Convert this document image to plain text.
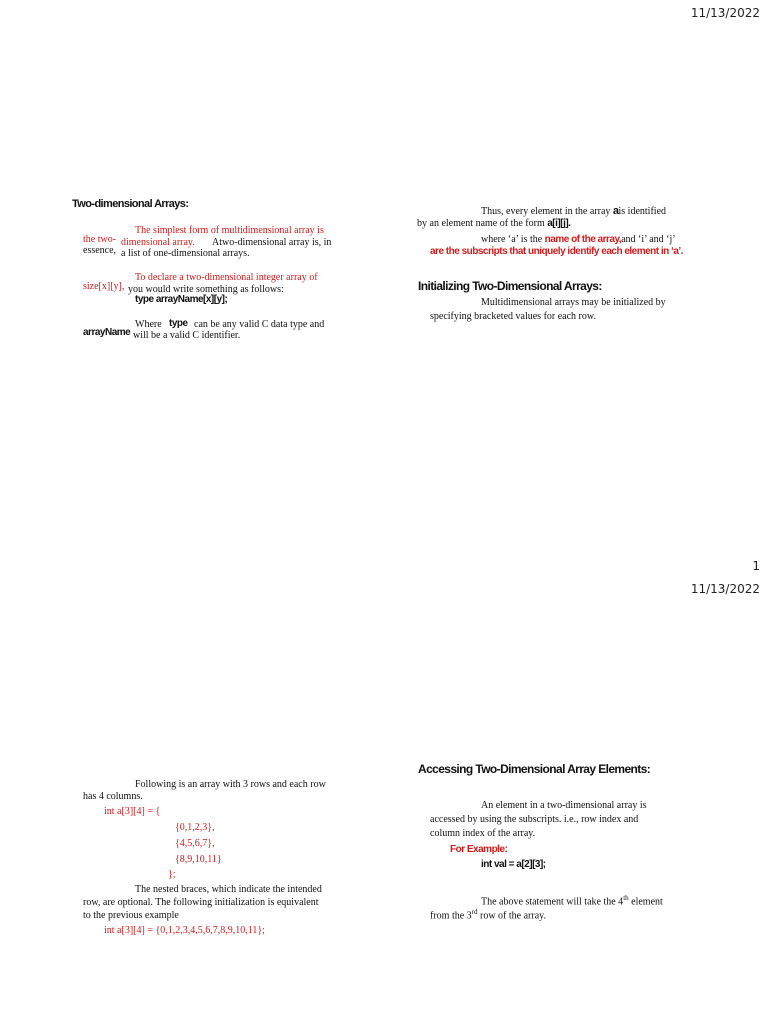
11/13/2022
Two-dimensional Arrays:
The simplest form of multidimensional array is
the two- dimensional array. Atwo-dimensional array is, in
essence, a list of one-dimensional arrays.
To declare a two-dimensional integer array of
size[x][y], you would write something as follows:
type arrayName[x][y];
Where type can be any valid C data type and
arrayName will be a valid C identifier.
Thus, every element in the array ais identified
by an element name of the form a[i][j].
where ‘a’ is the name of the array,and ‘i’ and ‘j’
are the subscripts that uniquely identify each element in ‘a’.
Initializing Two-Dimensional Arrays:
Multidimensional arrays may be initialized by
specifying bracketed values for each row.
1
11/13/2022
Following is an array with 3 rows and each row
has 4 columns.
int a[3][4] = {
{0,1,2,3},
{4,5,6,7},
{8,9,10,11}
};
The nested braces, which indicate the intended
row, are optional. The following initialization is equivalent
to the previous example
int a[3][4] = {0,1,2,3,4,5,6,7,8,9,10,11};
Accessing Two-Dimensional Array Elements:
An element in a two-dimensional array is
accessed by using the subscripts. i.e., row index and
column index of the array.
For Example:
int val = a[2][3];
The above statement will take the 4th element
from the 3rd row of the array.
